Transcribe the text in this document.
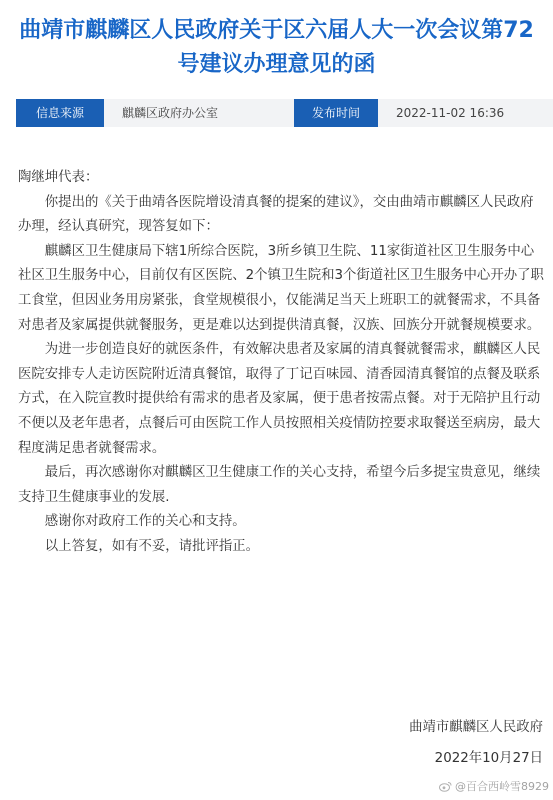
曲靖市麒麟区人民政府关于区六届人大一次会议第72号建议办理意见的函
信息来源	麒麟区政府办公室	发布时间	2022-11-02 16:36

陶继坤代表：

你提出的《关于曲靖各医院增设清真餐的提案的建议》，交由曲靖市麒麟区人民政府办理，经认真研究，现答复如下：

麒麟区卫生健康局下辖1所综合医院，3所乡镇卫生院、11家街道社区卫生服务中心社区卫生服务中心，目前仅有区医院、2个镇卫生院和3个街道社区卫生服务中心开办了职工食堂，但因业务用房紧张，食堂规模很小，仅能满足当天上班职工的就餐需求，不具备对患者及家属提供就餐服务，更是难以达到提供清真餐，汉族、回族分开就餐规模要求。

为进一步创造良好的就医条件，有效解决患者及家属的清真餐就餐需求，麒麟区人民医院安排专人走访医院附近清真餐馆，取得了丁记百味园、清香园清真餐馆的点餐及联系方式，在入院宣教时提供给有需求的患者及家属，便于患者按需点餐。对于无陪护且行动不便以及老年患者，点餐后可由医院工作人员按照相关疫情防控要求取餐送至病房，最大程度满足患者就餐需求。

最后，再次感谢你对麒麟区卫生健康工作的关心支持，希望今后多提宝贵意见，继续支持卫生健康事业的发展.

感谢你对政府工作的关心和支持。

以上答复，如有不妥，请批评指正。

曲靖市麒麟区人民政府
2022年10月27日
@百合西岭雪8929
